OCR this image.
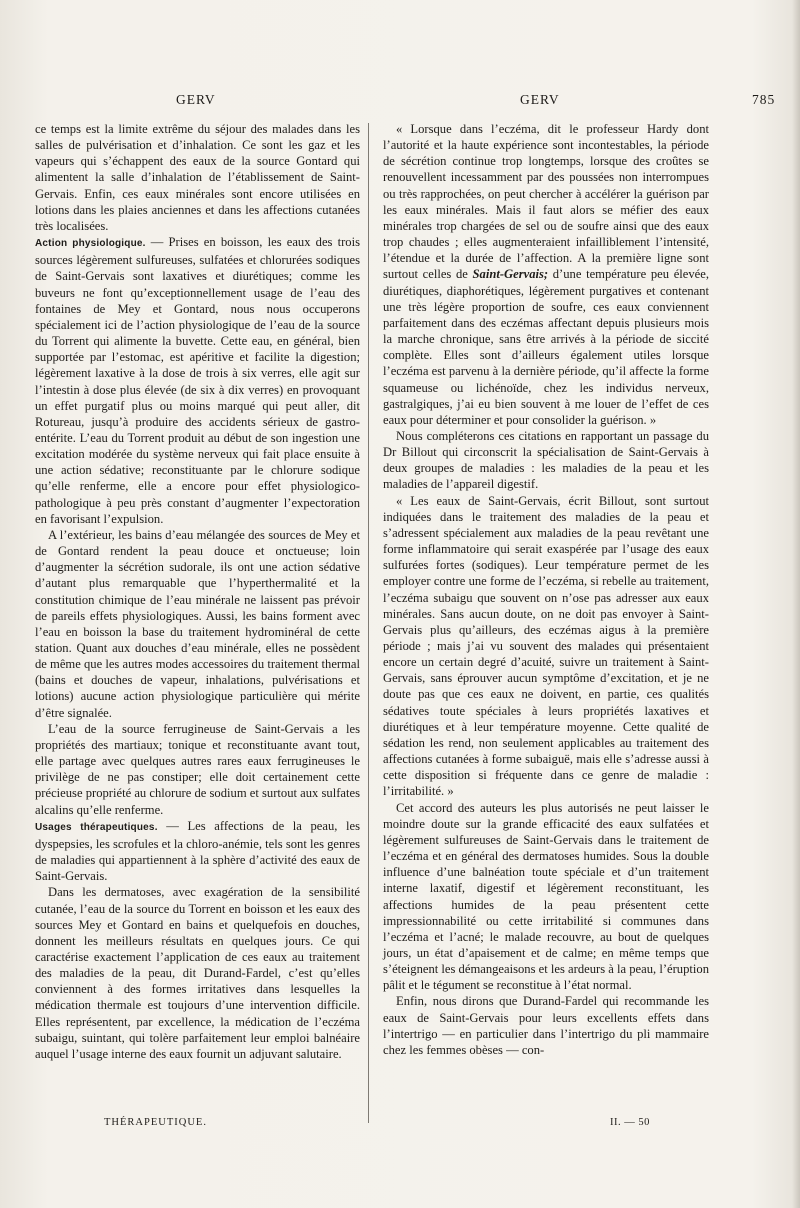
GERV	GERV	785

ce temps est la limite extrême du séjour des malades dans les salles de pulvérisation et d’inhalation. Ce sont les gaz et les vapeurs qui s’échappent des eaux de la source Gontard qui alimentent la salle d’inhalation de l’établissement de Saint-Gervais. Enfin, ces eaux minérales sont encore utilisées en lotions dans les plaies anciennes et dans les affections cutanées très localisées.

Action physiologique. — Prises en boisson, les eaux des trois sources légèrement sulfureuses, sulfatées et chlorurées sodiques de Saint-Gervais sont laxatives et diurétiques; comme les buveurs ne font qu’exceptionnellement usage de l’eau des fontaines de Mey et Gontard, nous nous occuperons spécialement ici de l’action physiologique de l’eau de la source du Torrent qui alimente la buvette. Cette eau, en général, bien supportée par l’estomac, est apéritive et facilite la digestion; légèrement laxative à la dose de trois à six verres, elle agit sur l’intestin à dose plus élevée (de six à dix verres) en provoquant un effet purgatif plus ou moins marqué qui peut aller, dit Rotureau, jusqu’à produire des accidents sérieux de gastro-entérite. L’eau du Torrent produit au début de son ingestion une excitation modérée du système nerveux qui fait place ensuite à une action sédative; reconstituante par le chlorure sodique qu’elle renferme, elle a encore pour effet physiologico-pathologique à peu près constant d’augmenter l’expectoration en favorisant l’expulsion.

A l’extérieur, les bains d’eau mélangée des sources de Mey et de Gontard rendent la peau douce et onctueuse; loin d’augmenter la sécrétion sudorale, ils ont une action sédative d’autant plus remarquable que l’hyperthermalité et la constitution chimique de l’eau minérale ne laissent pas prévoir de pareils effets physiologiques. Aussi, les bains forment avec l’eau en boisson la base du traitement hydrominéral de cette station. Quant aux douches d’eau minérale, elles ne possèdent de même que les autres modes accessoires du traitement thermal (bains et douches de vapeur, inhalations, pulvérisations et lotions) aucune action physiologique particulière qui mérite d’être signalée.

L’eau de la source ferrugineuse de Saint-Gervais a les propriétés des martiaux; tonique et reconstituante avant tout, elle partage avec quelques autres rares eaux ferrugineuses le privilège de ne pas constiper; elle doit certainement cette précieuse propriété au chlorure de sodium et surtout aux sulfates alcalins qu’elle renferme.

Usages thérapeutiques. — Les affections de la peau, les dyspepsies, les scrofules et la chloro-anémie, tels sont les genres de maladies qui appartiennent à la sphère d’activité des eaux de Saint-Gervais.

Dans les dermatoses, avec exagération de la sensibilité cutanée, l’eau de la source du Torrent en boisson et les eaux des sources Mey et Gontard en bains et quelquefois en douches, donnent les meilleurs résultats en quelques jours. Ce qui caractérise exactement l’application de ces eaux au traitement des maladies de la peau, dit Durand-Fardel, c’est qu’elles conviennent à des formes irritatives dans lesquelles la médication thermale est toujours d’une intervention difficile. Elles représentent, par excellence, la médication de l’eczéma subaigu, suintant, qui tolère parfaitement leur emploi balnéaire auquel l’usage interne des eaux fournit un adjuvant salutaire.

« Lorsque dans l’eczéma, dit le professeur Hardy dont l’autorité et la haute expérience sont incontestables, la période de sécrétion continue trop longtemps, lorsque des croûtes se renouvellent incessamment par des poussées non interrompues ou très rapprochées, on peut chercher à accélérer la guérison par les eaux minérales. Mais il faut alors se méfier des eaux minérales trop chargées de sel ou de soufre ainsi que des eaux trop chaudes ; elles augmenteraient infailliblement l’intensité, l’étendue et la durée de l’affection. A la première ligne sont surtout celles de Saint-Gervais; d’une température peu élevée, diurétiques, diaphorétiques, légèrement purgatives et contenant une très légère proportion de soufre, ces eaux conviennent parfaitement dans des eczémas affectant depuis plusieurs mois la marche chronique, sans être arrivés à la période de siccité complète. Elles sont d’ailleurs également utiles lorsque l’eczéma est parvenu à la dernière période, qu’il affecte la forme squameuse ou lichénoïde, chez les individus nerveux, gastralgiques, j’ai eu bien souvent à me louer de l’effet de ces eaux pour déterminer et pour consolider la guérison. »

Nous compléterons ces citations en rapportant un passage du Dr Billout qui circonscrit la spécialisation de Saint-Gervais à deux groupes de maladies : les maladies de la peau et les maladies de l’appareil digestif.

« Les eaux de Saint-Gervais, écrit Billout, sont surtout indiquées dans le traitement des maladies de la peau et s’adressent spécialement aux maladies de la peau revêtant une forme inflammatoire qui serait exaspérée par l’usage des eaux sulfurées fortes (sodiques). Leur température permet de les employer contre une forme de l’eczéma, si rebelle au traitement, l’eczéma subaigu que souvent on n’ose pas adresser aux eaux minérales. Sans aucun doute, on ne doit pas envoyer à Saint-Gervais plus qu’ailleurs, des eczémas aigus à la première période ; mais j’ai vu souvent des malades qui présentaient encore un certain degré d’acuité, suivre un traitement à Saint-Gervais, sans éprouver aucun symptôme d’excitation, et je ne doute pas que ces eaux ne doivent, en partie, ces qualités sédatives toute spéciales à leurs propriétés laxatives et diurétiques et à leur température moyenne. Cette qualité de sédation les rend, non seulement applicables au traitement des affections cutanées à forme subaiguë, mais elle s’adresse aussi à cette disposition si fréquente dans ce genre de maladie : l’irritabilité. »

Cet accord des auteurs les plus autorisés ne peut laisser le moindre doute sur la grande efficacité des eaux sulfatées et légèrement sulfureuses de Saint-Gervais dans le traitement de l’eczéma et en général des dermatoses humides. Sous la double influence d’une balnéation toute spéciale et d’un traitement interne laxatif, digestif et légèrement reconstituant, les affections humides de la peau présentent cette impressionnabilité ou cette irritabilité si communes dans l’eczéma et l’acné; le malade recouvre, au bout de quelques jours, un état d’apaisement et de calme; en même temps que s’éteignent les démangeaisons et les ardeurs à la peau, l’éruption pâlit et le tégument se reconstitue à l’état normal.

Enfin, nous dirons que Durand-Fardel qui recommande les eaux de Saint-Gervais pour leurs excellents effets dans l’intertrigo — en particulier dans l’intertrigo du pli mammaire chez les femmes obèses — con-

THÉRAPEUTIQUE.	II. — 50
